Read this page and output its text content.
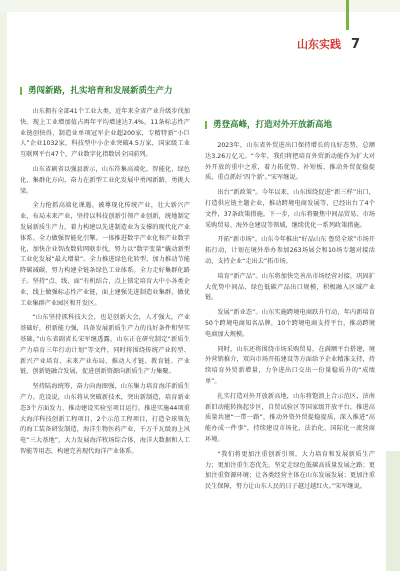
山东实践 7
勇闯新路，扎实培育和发展新质生产力

山东拥有全部41个工业大类，近年来全省产业升级步伐加快。现上工业增加值占再年平均增速达7.4%，11条标志性产业链创快得，制造业单项冠军企业超200家，专精特新“小巨人”企业1032家，科技型中小企业突破4.5万家，国家级工业互联网平台47个，产业数字化指数居全国前列。

山东省刷省以强县新示，山东符集高端化、智能化、绿色化、集群化方向，奋力在新型工业化发展中勇闯新路，勇挑大梁。

全力抢抓高端化课遇。被尊现化传统产业，壮大新兴产业，布局未来产业，坚持以科技创新引领产业创新，统地制定发展新质生产力，着力构建以先进制造业为支撑的现代化产业体系。全力做强智能化引擎。一体推进数字产业化和产业数字化，加快企业智改数转网联步伐，努力以“数字变量”撬动新型工业化发展“最大增量”。全力推进绿色化转型。加力推动节能降碳减碳，努力构建全链条绿色工业体系。全力走好集群化路子。坚持“点、线、面”有机结合，点上锁定培育大中小各类企业，线上做强标志性产业链，面上建强先进制造业集群，做优工业集群产业园区和开发区。

“山东坚持抓科技大会，也是创新大会，人才强大，产业基础好，积新能力强，具备发展新质生产力的良好条件和坚实基础。”山东省副省长宋军继透露，山东正在研究制定“新质生产力培育三年行动计划”等文件，同时将围绕传统产业转型、新兴产业培育、未来产业布局，推动人才链、教育链、产业链、创新链融合发展，促进创新资源向新质生产力集聚。

坚持陆海统筹，奋力向海图强，山东集力培育海洋新质生产力。范设说，山东将从突破新技术，突出新制造，培育新业态3个方面发力，推动建设实验室项目运行。推进实施44项重大海洋科技创新工程项目，2个示范工程项目，打造全球领先的海工装备研发制造，海洋生物医药产业、千万千瓦级海上风电“三大基地”，大力发展海洋牧场综合体，海洋大数据和人工智能等用态，构建完善现代海洋产业体系。

勇登高峰，打造对外开放新高地

2023年，山东省外贸进出口保持增长的良好态势，总额达3.26万亿元。“今年，我们将把培育外贸新动能作为扩大对外开放的重中之重，着力拓优势、补短板、推动外贸促稳提质，重点抓好‘四个新’。”宋军继说。

出台“新政策”。今年以来，山东围绕促进“新三样”出口，打造供应链主题企业，推动跨境电商发展等，已经出台了4个文件，37条政策措施。下一步，山东将聚焦中间品贸易、市场采购贸易、海外仓建设等领域，继续优化一系列政策措施。

开拓“新市场”。山东今年推出“好品山东 鲁贸全球”市场开拓行动，计划在境外举办参加263场展会和10场专题对接活动，支持企业“走出去”拓市场。

培育“新产品”。山东将加快完善出市场经营对接，巩固扩大优势中间品，绿色低碳产品出口规模，积极融入区域产业链。

发展“新业态”。山东实施跨境电商跃升行动，年内新培育50个跨境电商知名品牌，10个跨境电商支持平台，推动跨境电商加大规模。

同时，山东还将围绕市场采购贸易，在满额平台搭建，境外营销推介，双向市场开拓建设等方面给予企业精准支持，持续培育外贸新增量，力争进出口交出一份量稳质升的“成绩单”。

扎实打造对外开放新高地，山东将饱浪上合示范区，济南新旧动能转换起步区，自贸试验区等国家级开放平台，推进高质量共建“一带一路”，推动外资外贸提稳提质，深入推进“高能办成一件事”，持续建设市场化、法治化、国际化一流营商环境。

“我们将更加注重创新引领，大力培育和发展新质生产力；更加注重生态优先，坚定走绿色低碳高质量发展之路；更加注重资源环境；让各类经营主体在山东发展发展；更加注重民生保障，努力让山东人民的日子越过越红火。”宋军继说。
